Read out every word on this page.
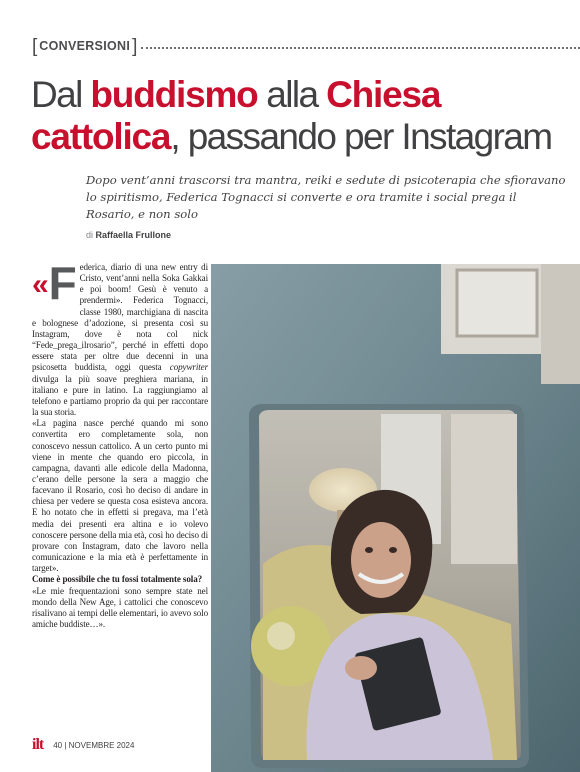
[ CONVERSIONI ]
Dal buddismo alla Chiesa
cattolica, passando per Instagram

Dopo vent’anni trascorsi tra mantra, reiki e sedute di psicoterapia che sfioravano lo spiritismo, Federica Tognacci si converte e ora tramite i social prega il Rosario, e non solo

di Raffaella Frullone
« F ederica, diario di una new entry di Cristo, vent’anni nella Soka Gakkai e poi boom! Gesù è venuto a prendermi». Federica Tognacci, classe 1980, marchigiana di nascita e bolognese d’adozione, si presenta così su Instagram, dove è nota col nick “Fede_prega_ilrosario”, perché in effetti dopo essere stata per oltre due decenni in una psicosetta buddista, oggi questa copywriter divulga la più soave preghiera mariana, in italiano e pure in latino. La raggiungiamo al telefono e partiamo proprio da qui per raccontare la sua storia.

«La pagina nasce perché quando mi sono convertita ero completamente sola, non conoscevo nessun cattolico. A un certo punto mi viene in mente che quando ero piccola, in campagna, davanti alle edicole della Madonna, c’erano delle persone la sera a maggio che facevano il Rosario, così ho deciso di andare in chiesa per vedere se questa cosa esisteva ancora. E ho notato che in effetti si pregava, ma l’età media dei presenti era altina e io volevo conoscere persone della mia età, così ho deciso di provare con Instagram, dato che lavoro nella comunicazione e la mia età è perfettamente in target».

Come è possibile che tu fossi totalmente sola?

«Le mie frequentazioni sono sempre state nel mondo della New Age, i cattolici che conoscevo risalivano ai tempi delle elementari, io avevo solo amiche buddiste…».

ilt 40 | NOVEMBRE 2024
